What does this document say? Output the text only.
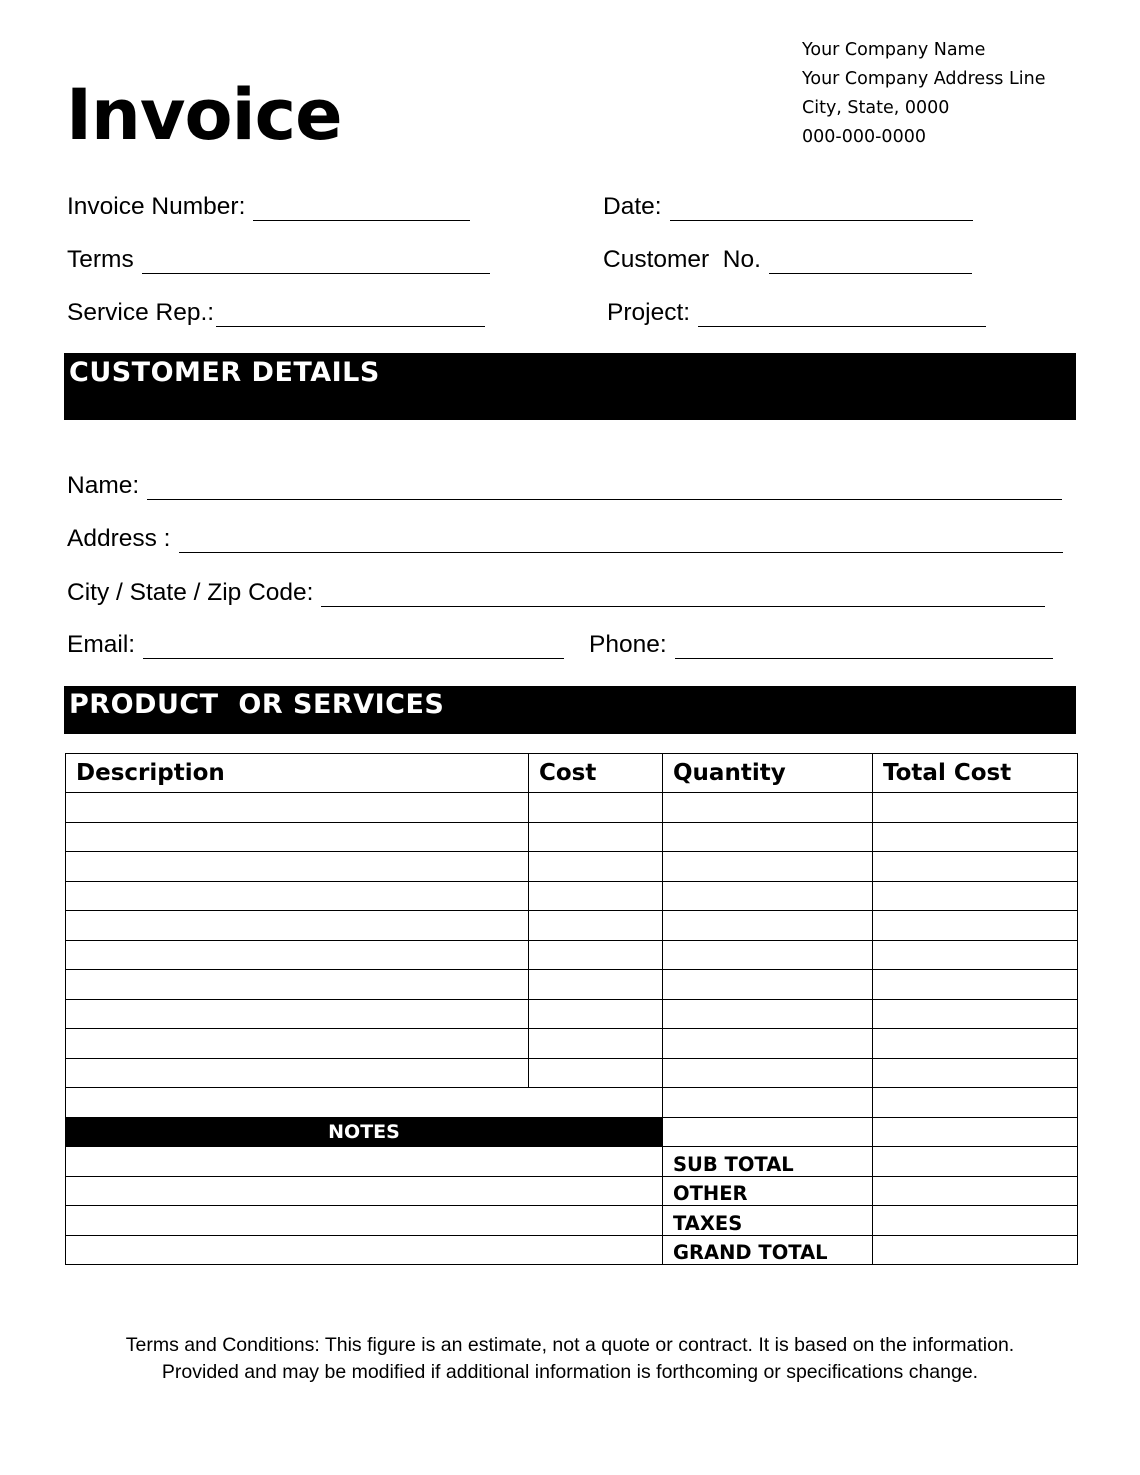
Invoice
Your Company Name
Your Company Address Line
City, State, 0000
000-000-0000
Invoice Number:	Date:
Terms	Customer  No.
Service Rep.:	Project:
CUSTOMER DETAILS
Name:
Address :
City / State / Zip Code:
Email:	Phone:
PRODUCT  OR SERVICES
Description	Cost	Quantity	Total Cost

NOTES			
		SUB TOTAL	
		OTHER	
		TAXES	
		GRAND TOTAL	
Terms and Conditions: This figure is an estimate, not a quote or contract. It is based on the information.
Provided and may be modified if additional information is forthcoming or specifications change.
